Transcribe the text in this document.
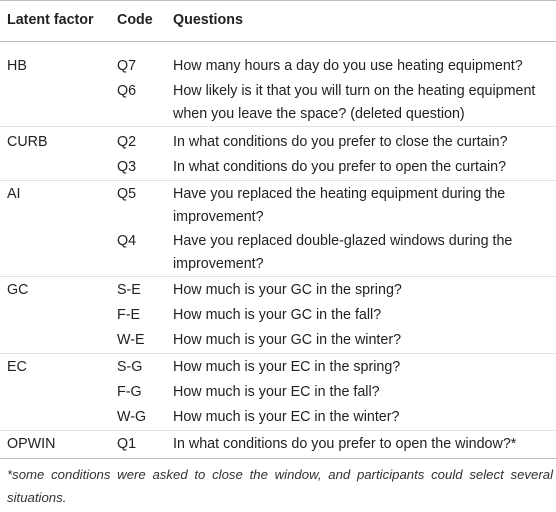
Latent factor Code Questions
HB	Q7	How many hours a day do you use heating equipment?
Q6	How likely is it that you will turn on the heating equipment when you leave the space? (deleted question)
CURB	Q2	In what conditions do you prefer to close the curtain?
Q3	In what conditions do you prefer to open the curtain?
AI	Q5	Have you replaced the heating equipment during the improvement?
Q4	Have you replaced double-glazed windows during the improvement?
GC	S-E How much is your GC in the spring?
F-E How much is your GC in the fall?
W-E How much is your GC in the winter?
EC	S-G How much is your EC in the spring?
F-G How much is your EC in the fall?
W-G How much is your EC in the winter?
OPWIN	Q1	In what conditions do you prefer to open the window?*
*some conditions were asked to close the window, and participants could select several situations.
